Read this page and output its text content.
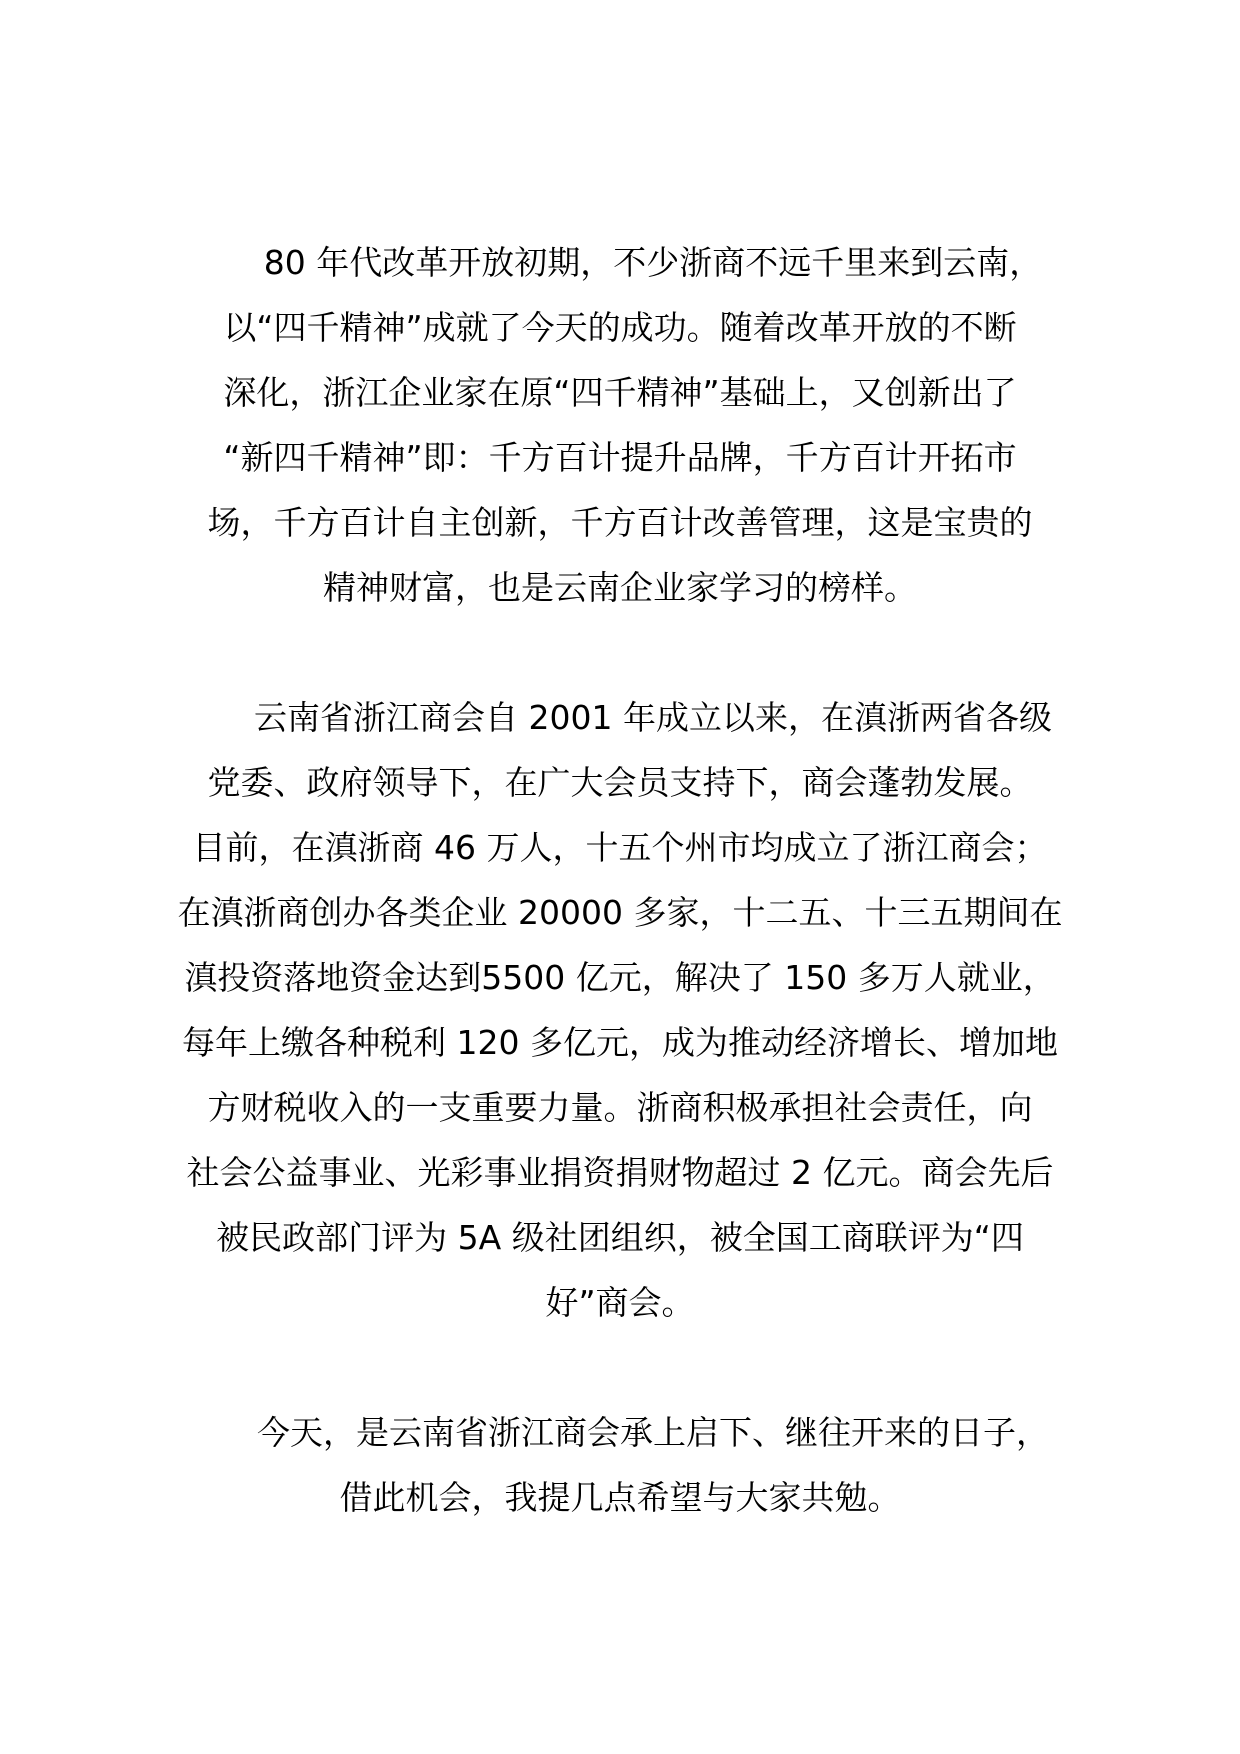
80 年代改革开放初期，不少浙商不远千里来到云南，
以“四千精神”成就了今天的成功。随着改革开放的不断
深化，浙江企业家在原“四千精神”基础上，又创新出了
“新四千精神”即：千方百计提升品牌，千方百计开拓市
场，千方百计自主创新，千方百计改善管理，这是宝贵的
精神财富，也是云南企业家学习的榜样。
云南省浙江商会自 2001 年成立以来，在滇浙两省各级
党委、政府领导下，在广大会员支持下，商会蓬勃发展。
目前，在滇浙商 46 万人，十五个州市均成立了浙江商会；
在滇浙商创办各类企业 20000 多家，十二五、十三五期间在
滇投资落地资金达到5500 亿元，解决了 150 多万人就业，
每年上缴各种税利 120 多亿元，成为推动经济增长、增加地
方财税收入的一支重要力量。浙商积极承担社会责任，向
社会公益事业、光彩事业捐资捐财物超过 2 亿元。商会先后
被民政部门评为 5A 级社团组织，被全国工商联评为“四
好”商会。
今天，是云南省浙江商会承上启下、继往开来的日子，
借此机会，我提几点希望与大家共勉。
